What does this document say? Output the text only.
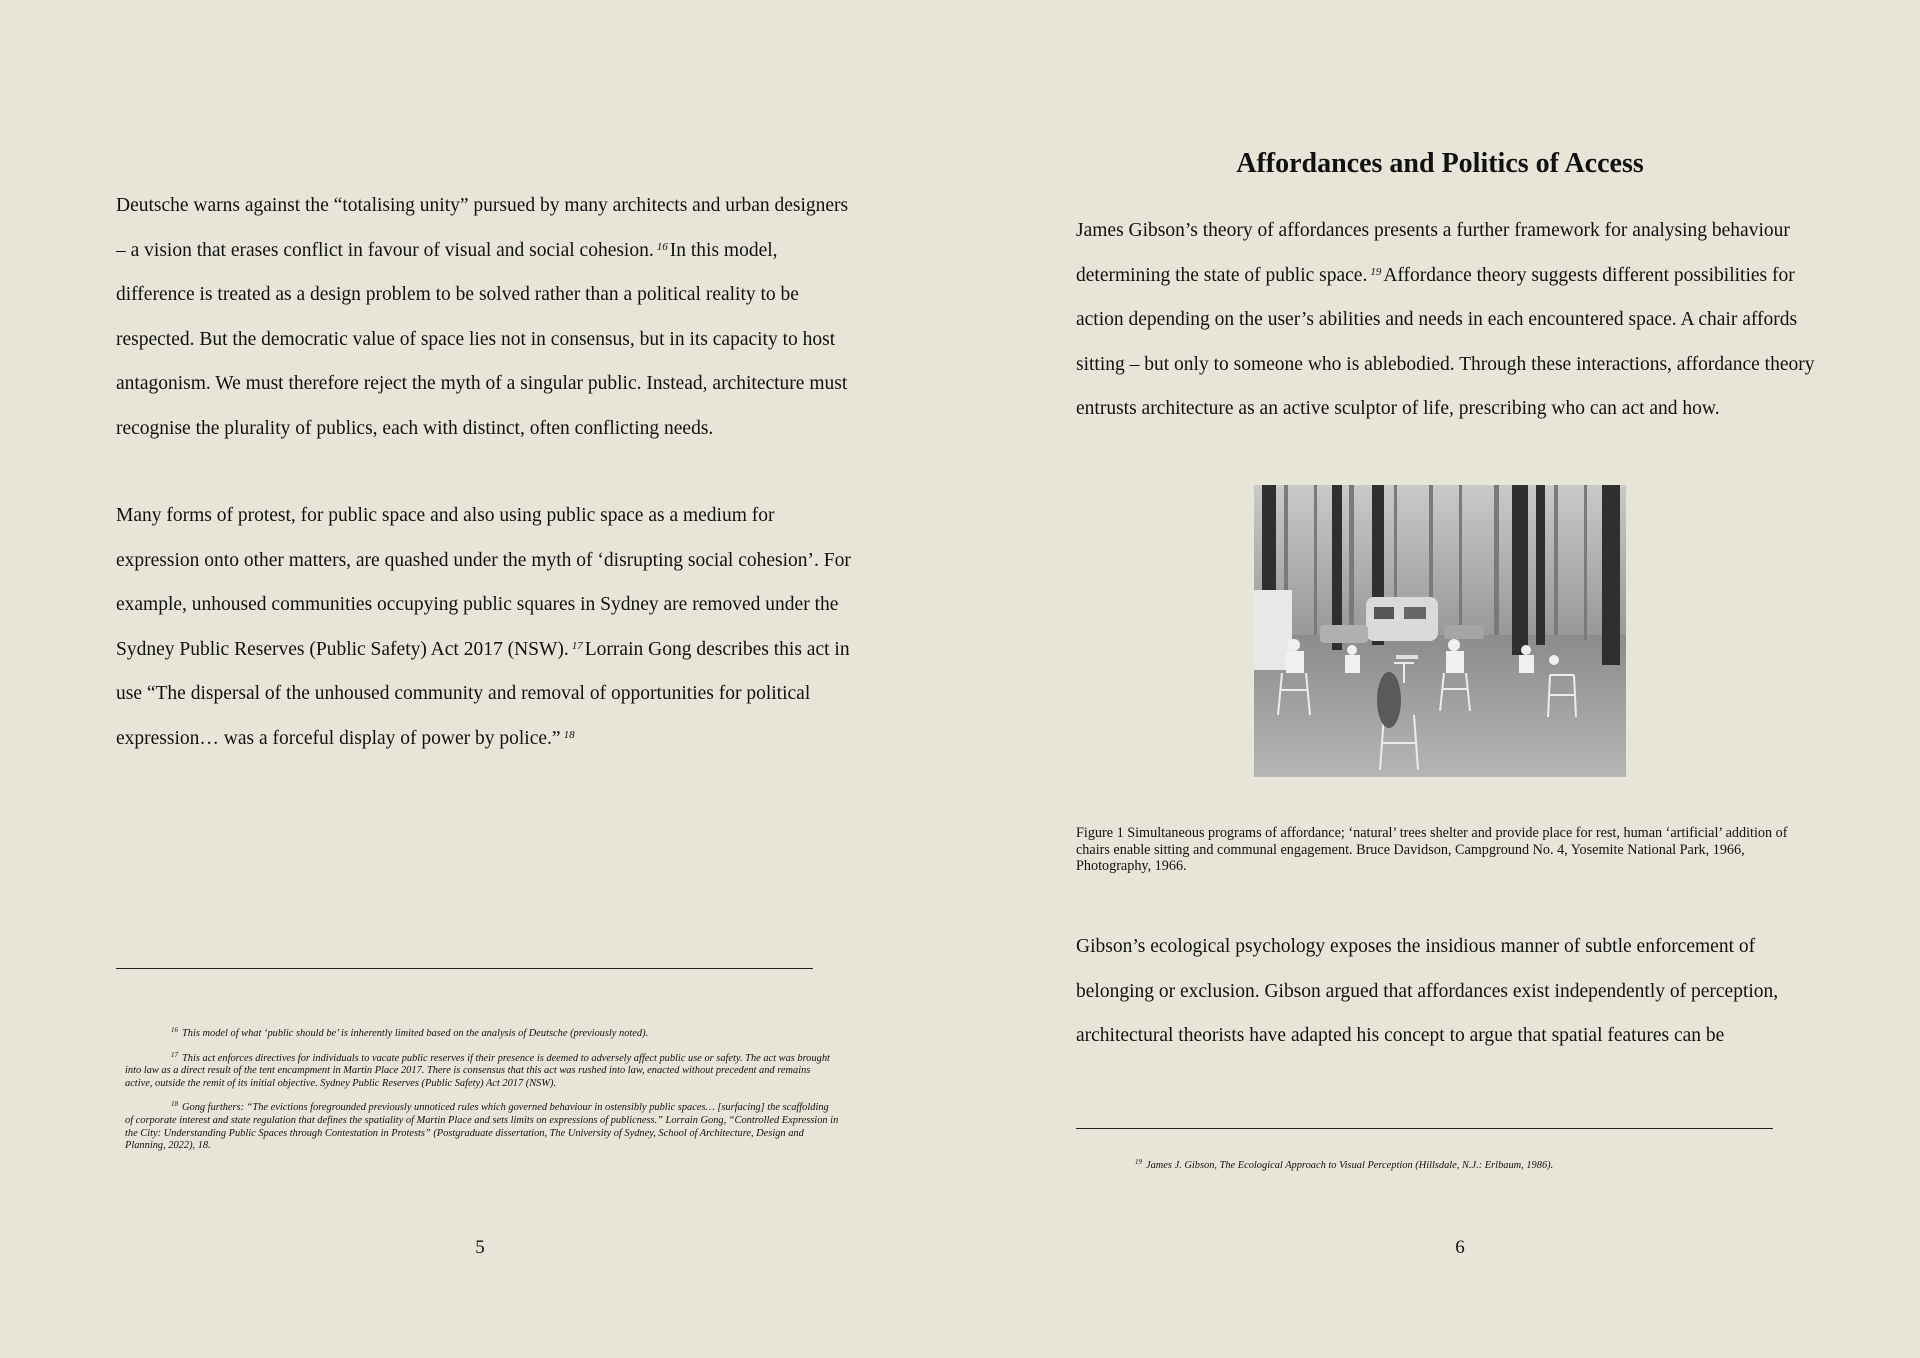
Deutsche warns against the “totalising unity” pursued by many architects and urban designers – a vision that erases conflict in favour of visual and social cohesion. $^{16}$ In this model, difference is treated as a design problem to be solved rather than a political reality to be respected. But the democratic value of space lies not in consensus, but in its capacity to host antagonism. We must therefore reject the myth of a singular public. Instead, architecture must recognise the plurality of publics, each with distinct, often conflicting needs.

Many forms of protest, for public space and also using public space as a medium for expression onto other matters, are quashed under the myth of ‘disrupting social cohesion’. For example, unhoused communities occupying public squares in Sydney are removed under the Sydney Public Reserves (Public Safety) Act 2017 (NSW). $^{17}$ Lorrain Gong describes this act in use “The dispersal of the unhoused community and removal of opportunities for political expression… was a forceful display of power by police.” $^{18}$

$^{16}$ This model of what ‘public should be’ is inherently limited based on the analysis of Deutsche (previously noted).

$^{17}$ This act enforces directives for individuals to vacate public reserves if their presence is deemed to adversely affect public use or safety. The act was brought into law as a direct result of the tent encampment in Martin Place 2017. There is consensus that this act was rushed into law, enacted without precedent and remains active, outside the remit of its initial objective. Sydney Public Reserves (Public Safety) Act 2017 (NSW).

$^{18}$ Gong furthers: “The evictions foregrounded previously unnoticed rules which governed behaviour in ostensibly public spaces… [surfacing] the scaffolding of corporate interest and state regulation that defines the spatiality of Martin Place and sets limits on expressions of publicness.” Lorrain Gong, “Controlled Expression in the City: Understanding Public Spaces through Contestation in Protests” (Postgraduate dissertation, The University of Sydney, School of Architecture, Design and Planning, 2022), 18.

5
Affordances and Politics of Access

James Gibson’s theory of affordances presents a further framework for analysing behaviour determining the state of public space. $^{19}$ Affordance theory suggests different possibilities for action depending on the user’s abilities and needs in each encountered space. A chair affords sitting – but only to someone who is ablebodied. Through these interactions, affordance theory entrusts architecture as an active sculptor of life, prescribing who can act and how.

Figure 1 Simultaneous programs of affordance; ‘natural’ trees shelter and provide place for rest, human ‘artificial’ addition of chairs enable sitting and communal engagement. Bruce Davidson, Campground No. 4, Yosemite National Park, 1966, Photography, 1966.

Gibson’s ecological psychology exposes the insidious manner of subtle enforcement of belonging or exclusion. Gibson argued that affordances exist independently of perception, architectural theorists have adapted his concept to argue that spatial features can be

$^{19}$ James J. Gibson, The Ecological Approach to Visual Perception (Hillsdale, N.J.: Erlbaum, 1986).

6
